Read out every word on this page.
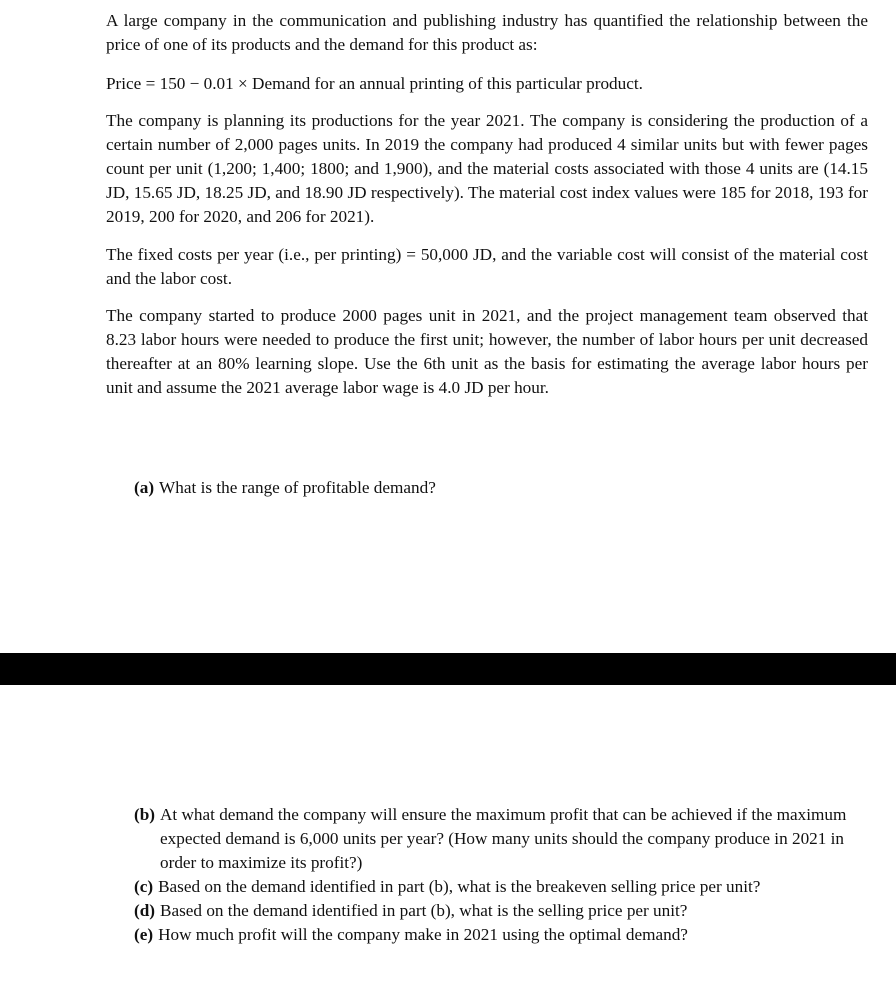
A large company in the communication and publishing industry has quantified the relationship between the price of one of its products and the demand for this product as:

Price = 150 − 0.01 × Demand for an annual printing of this particular product.

The company is planning its productions for the year 2021. The company is considering the production of a certain number of 2,000 pages units. In 2019 the company had produced 4 similar units but with fewer pages count per unit (1,200; 1,400; 1800; and 1,900), and the material costs associated with those 4 units are (14.15 JD, 15.65 JD, 18.25 JD, and 18.90 JD respectively). The material cost index values were 185 for 2018, 193 for 2019, 200 for 2020, and 206 for 2021).

The fixed costs per year (i.e., per printing) = 50,000 JD, and the variable cost will consist of the material cost and the labor cost.

The company started to produce 2000 pages unit in 2021, and the project management team observed that 8.23 labor hours were needed to produce the first unit; however, the number of labor hours per unit decreased thereafter at an 80% learning slope. Use the 6th unit as the basis for estimating the average labor hours per unit and assume the 2021 average labor wage is 4.0 JD per hour.

(a) What is the range of profitable demand?
(b) At what demand the company will ensure the maximum profit that can be achieved if the maximum expected demand is 6,000 units per year? (How many units should the company produce in 2021 in order to maximize its profit?)
(c) Based on the demand identified in part (b), what is the breakeven selling price per unit?
(d) Based on the demand identified in part (b), what is the selling price per unit?
(e) How much profit will the company make in 2021 using the optimal demand?
